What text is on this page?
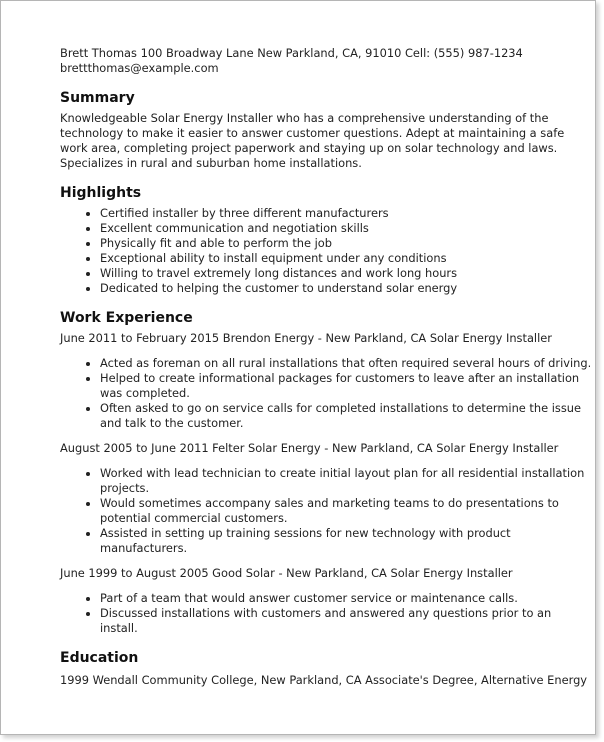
Brett Thomas 100 Broadway Lane New Parkland, CA, 91010 Cell: (555) 987-1234

brettthomas@example.com

Summary

Knowledgeable Solar Energy Installer who has a comprehensive understanding of the technology to make it easier to answer customer questions. Adept at maintaining a safe work area, completing project paperwork and staying up on solar technology and laws. Specializes in rural and suburban home installations.

Highlights
• Certified installer by three different manufacturers
• Excellent communication and negotiation skills
• Physically fit and able to perform the job
• Exceptional ability to install equipment under any conditions
• Willing to travel extremely long distances and work long hours
• Dedicated to helping the customer to understand solar energy
Work Experience

June 2011 to February 2015 Brendon Energy - New Parkland, CA Solar Energy Installer

• Acted as foreman on all rural installations that often required several hours of driving.
• Helped to create informational packages for customers to leave after an installation was completed.
• Often asked to go on service calls for completed installations to determine the issue and talk to the customer.

August 2005 to June 2011 Felter Solar Energy - New Parkland, CA Solar Energy Installer

• Worked with lead technician to create initial layout plan for all residential installation projects.
• Would sometimes accompany sales and marketing teams to do presentations to potential commercial customers.
• Assisted in setting up training sessions for new technology with product manufacturers.

June 1999 to August 2005 Good Solar - New Parkland, CA Solar Energy Installer

• Part of a team that would answer customer service or maintenance calls.
• Discussed installations with customers and answered any questions prior to an install.
Education

1999 Wendall Community College, New Parkland, CA Associate's Degree, Alternative Energy
